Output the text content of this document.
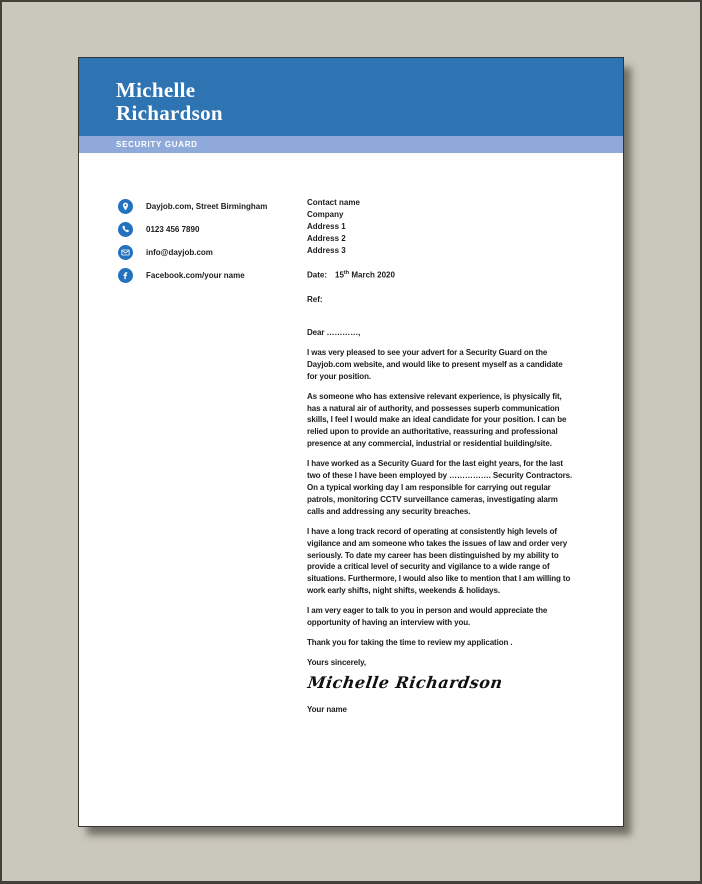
Michelle
Richardson
SECURITY GUARD
Dayjob.com, Street Birmingham
0123 456 7890
info@dayjob.com
Facebook.com/your name
Contact name
Company
Address 1
Address 2
Address 3
Date: 15th March 2020
Ref:

Dear …………,

I was very pleased to see your advert for a Security Guard on the Dayjob.com website, and would like to present myself as a candidate for your position.

As someone who has extensive relevant experience, is physically fit, has a natural air of authority, and possesses superb communication skills, I feel I would make an ideal candidate for your position. I can be relied upon to provide an authoritative, reassuring and professional presence at any commercial, industrial or residential building/site.

I have worked as a Security Guard for the last eight years, for the last two of these I have been employed by ……………. Security Contractors. On a typical working day I am responsible for carrying out regular patrols, monitoring CCTV surveillance cameras, investigating alarm calls and addressing any security breaches.

I have a long track record of operating at consistently high levels of vigilance and am someone who takes the issues of law and order very seriously. To date my career has been distinguished by my ability to provide a critical level of security and vigilance to a wide range of situations. Furthermore, I would also like to mention that I am willing to work early shifts, night shifts, weekends & holidays.

I am very eager to talk to you in person and would appreciate the opportunity of having an interview with you.

Thank you for taking the time to review my application .

Yours sincerely,

Michelle Richardson
Your name
